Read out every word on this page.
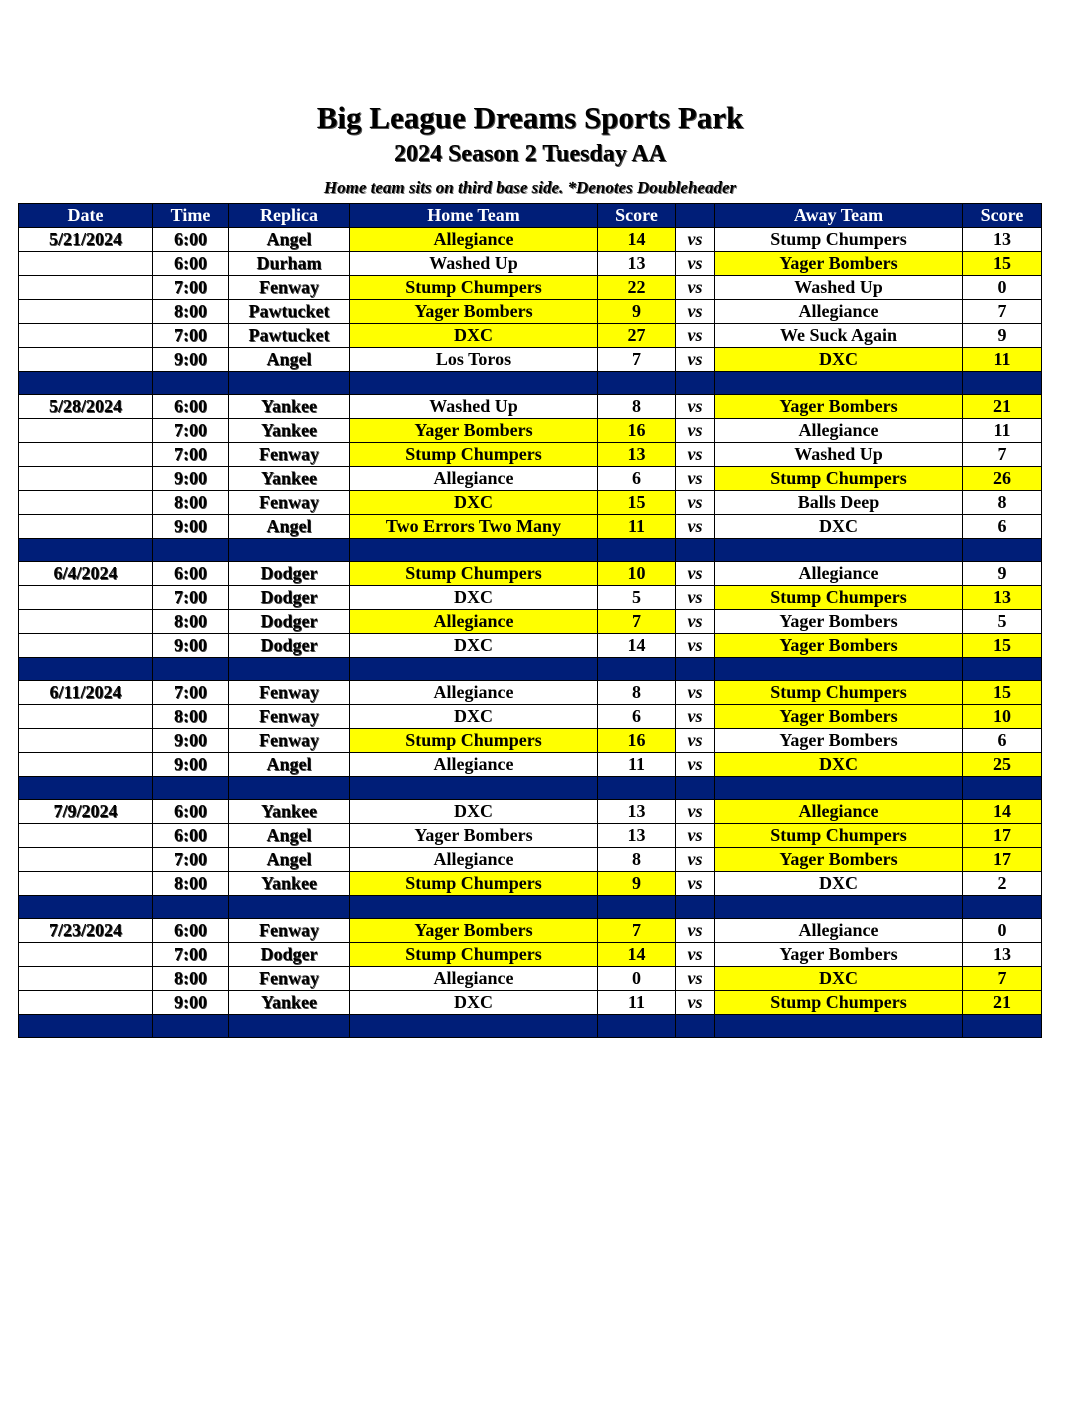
Big League Dreams Sports Park
2024 Season 2 Tuesday AA
Home team sits on third base side. *Denotes Doubleheader
Date	Time	Replica	Home Team	Score		Away Team	Score
5/21/2024	6:00	Angel	Allegiance	14	vs	Stump Chumpers	13
	6:00	Durham	Washed Up	13	vs	Yager Bombers	15
	7:00	Fenway	Stump Chumpers	22	vs	Washed Up	0
	8:00	Pawtucket	Yager Bombers	9	vs	Allegiance	7
	7:00	Pawtucket	DXC	27	vs	We Suck Again	9
	9:00	Angel	Los Toros	7	vs	DXC	11

5/28/2024	6:00	Yankee	Washed Up	8	vs	Yager Bombers	21
	7:00	Yankee	Yager Bombers	16	vs	Allegiance	11
	7:00	Fenway	Stump Chumpers	13	vs	Washed Up	7
	9:00	Yankee	Allegiance	6	vs	Stump Chumpers	26
	8:00	Fenway	DXC	15	vs	Balls Deep	8
	9:00	Angel	Two Errors Two Many	11	vs	DXC	6

6/4/2024	6:00	Dodger	Stump Chumpers	10	vs	Allegiance	9
	7:00	Dodger	DXC	5	vs	Stump Chumpers	13
	8:00	Dodger	Allegiance	7	vs	Yager Bombers	5
	9:00	Dodger	DXC	14	vs	Yager Bombers	15

6/11/2024	7:00	Fenway	Allegiance	8	vs	Stump Chumpers	15
	8:00	Fenway	DXC	6	vs	Yager Bombers	10
	9:00	Fenway	Stump Chumpers	16	vs	Yager Bombers	6
	9:00	Angel	Allegiance	11	vs	DXC	25

7/9/2024	6:00	Yankee	DXC	13	vs	Allegiance	14
	6:00	Angel	Yager Bombers	13	vs	Stump Chumpers	17
	7:00	Angel	Allegiance	8	vs	Yager Bombers	17
	8:00	Yankee	Stump Chumpers	9	vs	DXC	2

7/23/2024	6:00	Fenway	Yager Bombers	7	vs	Allegiance	0
	7:00	Dodger	Stump Chumpers	14	vs	Yager Bombers	13
	8:00	Fenway	Allegiance	0	vs	DXC	7
	9:00	Yankee	DXC	11	vs	Stump Chumpers	21
